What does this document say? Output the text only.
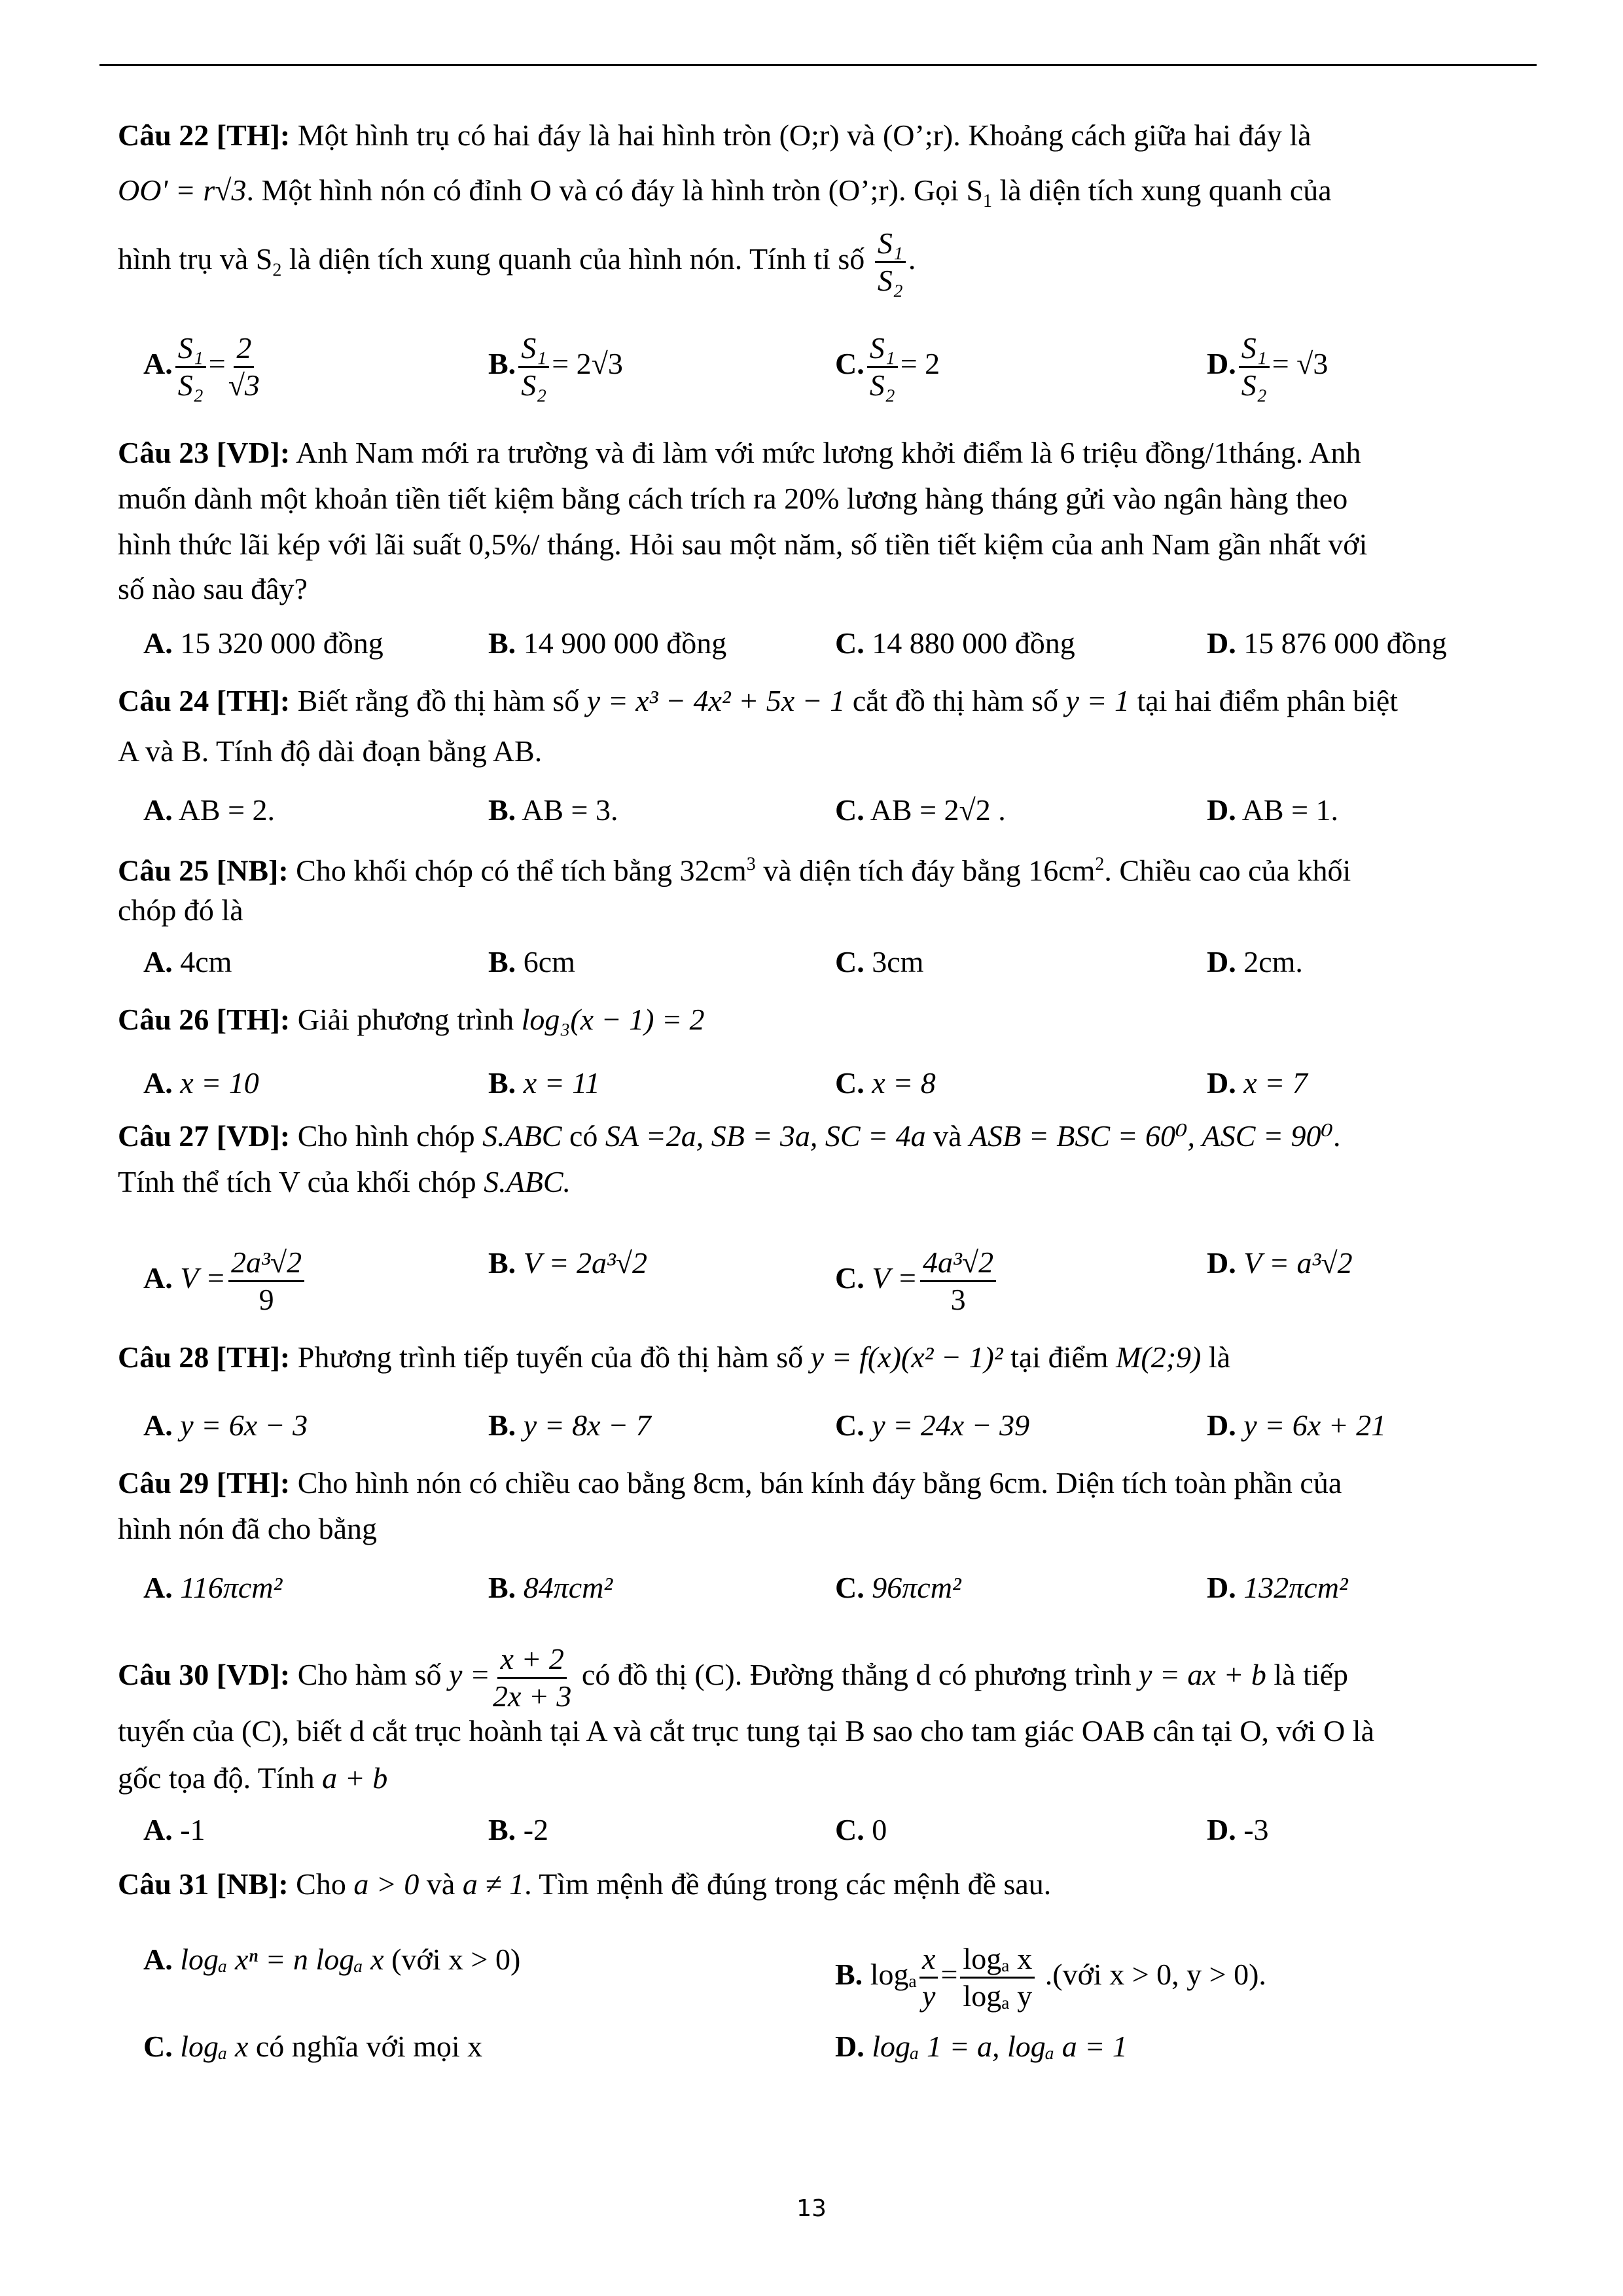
Câu 22 [TH]: Một hình trụ có hai đáy là hai hình tròn (O;r) và (O’;r). Khoảng cách giữa hai đáy là
OO' = r√3. Một hình nón có đỉnh O và có đáy là hình tròn (O’;r). Gọi $S_1$ là diện tích xung quanh của
hình trụ và $S_2$ là diện tích xung quanh của hình nón. Tính tỉ số $\frac{\text{S₁}}{\text{S₂}}$ .
A. $\frac{\text{S₁}}{\text{S₂}} = \frac{2}{√3}$	B. $\frac{\text{S₁}}{\text{S₂}} = 2√3$	C. $\frac{\text{S₁}}{\text{S₂}} = 2$	D. $\frac{\text{S₁}}{\text{S₂}} = √3$
Câu 23 [VD]: Anh Nam mới ra trường và đi làm với mức lương khởi điểm là 6 triệu đồng/1tháng. Anh
muốn dành một khoản tiền tiết kiệm bằng cách trích ra 20% lương hàng tháng gửi vào ngân hàng theo
hình thức lãi kép với lãi suất 0,5%/ tháng. Hỏi sau một năm, số tiền tiết kiệm của anh Nam gần nhất với
số nào sau đây?
A. 15 320 000 đồng	B. 14 900 000 đồng	C. 14 880 000 đồng	D. 15 876 000 đồng
Câu 24 [TH]: Biết rằng đồ thị hàm số y = x³ − 4x² + 5x − 1 cắt đồ thị hàm số y = 1 tại hai điểm phân biệt
A và B. Tính độ dài đoạn bằng AB.
A. AB = 2.	B. AB = 3.	C. AB = 2√2 .	D. AB = 1.
Câu 25 [NB]: Cho khối chóp có thể tích bằng $32cm^3$ và diện tích đáy bằng $16cm^2$. Chiều cao của khối
chóp đó là
A. 4cm	B. 6cm	C. 3cm	D. 2cm.
Câu 26 [TH]: Giải phương trình log₃(x − 1) = 2
A. x = 10	B. x = 11	C. x = 8	D. x = 7
Câu 27 [VD]: Cho hình chóp S.ABC có SA =2a, SB = 3a, SC = 4a và ASB = BSC = 60⁰, ASC = 90⁰.
Tính thể tích V của khối chóp S.ABC.
A. $V = \frac{\text{2a³√2}}{9}$	B. V = 2a³√2	C. $V = \frac{\text{4a³√2}}{3}$	D. V = a³√2
Câu 28 [TH]: Phương trình tiếp tuyến của đồ thị hàm số y = f(x)(x² − 1)² tại điểm M(2;9) là
A. y = 6x − 3	B. y = 8x − 7	C. y = 24x − 39	D. y = 6x + 21
Câu 29 [TH]: Cho hình nón có chiều cao bằng 8cm, bán kính đáy bằng 6cm. Diện tích toàn phần của
hình nón đã cho bằng
A. 116πcm²	B. 84πcm²	C. 96πcm²	D. 132πcm²
Câu 30 [VD]: Cho hàm số $y = \frac{x + 2}{2x + 3}$ có đồ thị (C). Đường thẳng d có phương trình y = ax + b là tiếp
tuyến của (C), biết d cắt trục hoành tại A và cắt trục tung tại B sao cho tam giác OAB cân tại O, với O là
gốc tọa độ. Tính a + b
A. -1	B. -2	C. 0	D. -3
Câu 31 [NB]: Cho a > 0 và a ≠ 1. Tìm mệnh đề đúng trong các mệnh đề sau.
A. logₐ xⁿ = n logₐ x (với x > 0)	B. logₐ $\frac{x}{y} = \frac{\text{logₐ x}}{\text{logₐ y}}$ .(với x > 0, y > 0).
C. logₐ x có nghĩa với mọi x	D. logₐ 1 = a, logₐ a = 1
13
